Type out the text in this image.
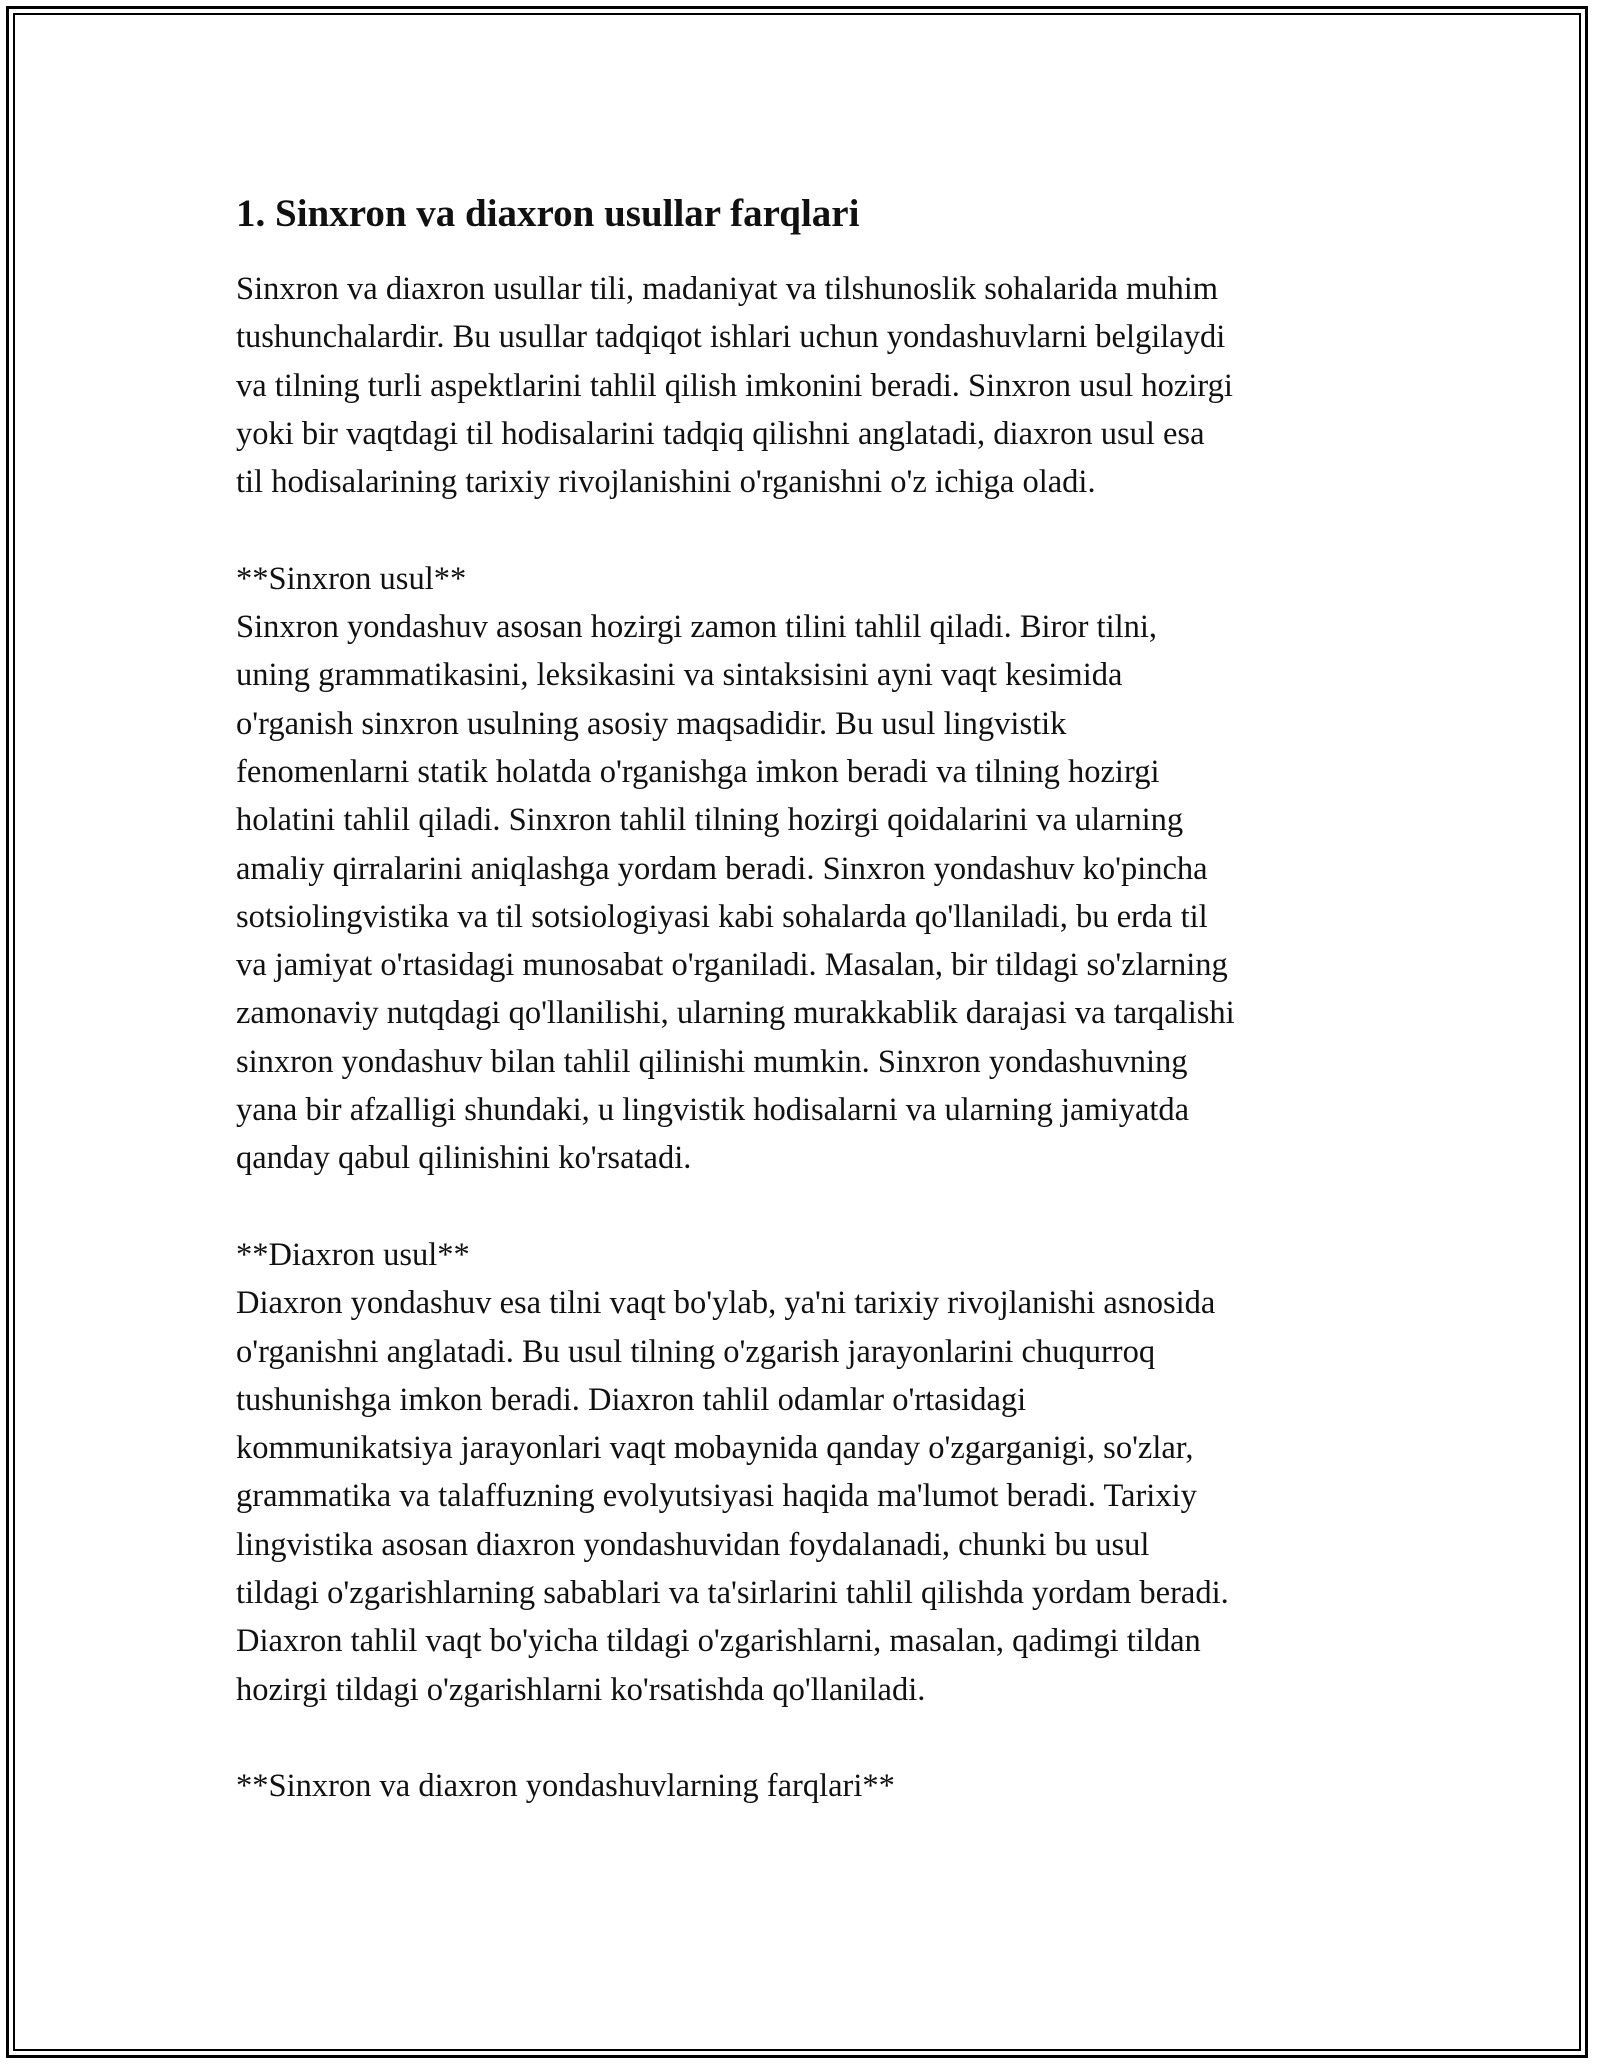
1. Sinxron va diaxron usullar farqlari

Sinxron va diaxron usullar tili, madaniyat va tilshunoslik sohalarida muhim
tushunchalardir. Bu usullar tadqiqot ishlari uchun yondashuvlarni belgilaydi
va tilning turli aspektlarini tahlil qilish imkonini beradi. Sinxron usul hozirgi
yoki bir vaqtdagi til hodisalarini tadqiq qilishni anglatadi, diaxron usul esa
til hodisalarining tarixiy rivojlanishini o'rganishni o'z ichiga oladi.

**Sinxron usul**

Sinxron yondashuv asosan hozirgi zamon tilini tahlil qiladi. Biror tilni,
uning grammatikasini, leksikasini va sintaksisini ayni vaqt kesimida
o'rganish sinxron usulning asosiy maqsadidir. Bu usul lingvistik
fenomenlarni statik holatda o'rganishga imkon beradi va tilning hozirgi
holatini tahlil qiladi. Sinxron tahlil tilning hozirgi qoidalarini va ularning
amaliy qirralarini aniqlashga yordam beradi. Sinxron yondashuv ko'pincha
sotsiolingvistika va til sotsiologiyasi kabi sohalarda qo'llaniladi, bu erda til
va jamiyat o'rtasidagi munosabat o'rganiladi. Masalan, bir tildagi so'zlarning
zamonaviy nutqdagi qo'llanilishi, ularning murakkablik darajasi va tarqalishi
sinxron yondashuv bilan tahlil qilinishi mumkin. Sinxron yondashuvning
yana bir afzalligi shundaki, u lingvistik hodisalarni va ularning jamiyatda
qanday qabul qilinishini ko'rsatadi.

**Diaxron usul**

Diaxron yondashuv esa tilni vaqt bo'ylab, ya'ni tarixiy rivojlanishi asnosida
o'rganishni anglatadi. Bu usul tilning o'zgarish jarayonlarini chuqurroq
tushunishga imkon beradi. Diaxron tahlil odamlar o'rtasidagi
kommunikatsiya jarayonlari vaqt mobaynida qanday o'zgarganigi, so'zlar,
grammatika va talaffuzning evolyutsiyasi haqida ma'lumot beradi. Tarixiy
lingvistika asosan diaxron yondashuvidan foydalanadi, chunki bu usul
tildagi o'zgarishlarning sabablari va ta'sirlarini tahlil qilishda yordam beradi.
Diaxron tahlil vaqt bo'yicha tildagi o'zgarishlarni, masalan, qadimgi tildan
hozirgi tildagi o'zgarishlarni ko'rsatishda qo'llaniladi.

**Sinxron va diaxron yondashuvlarning farqlari**
